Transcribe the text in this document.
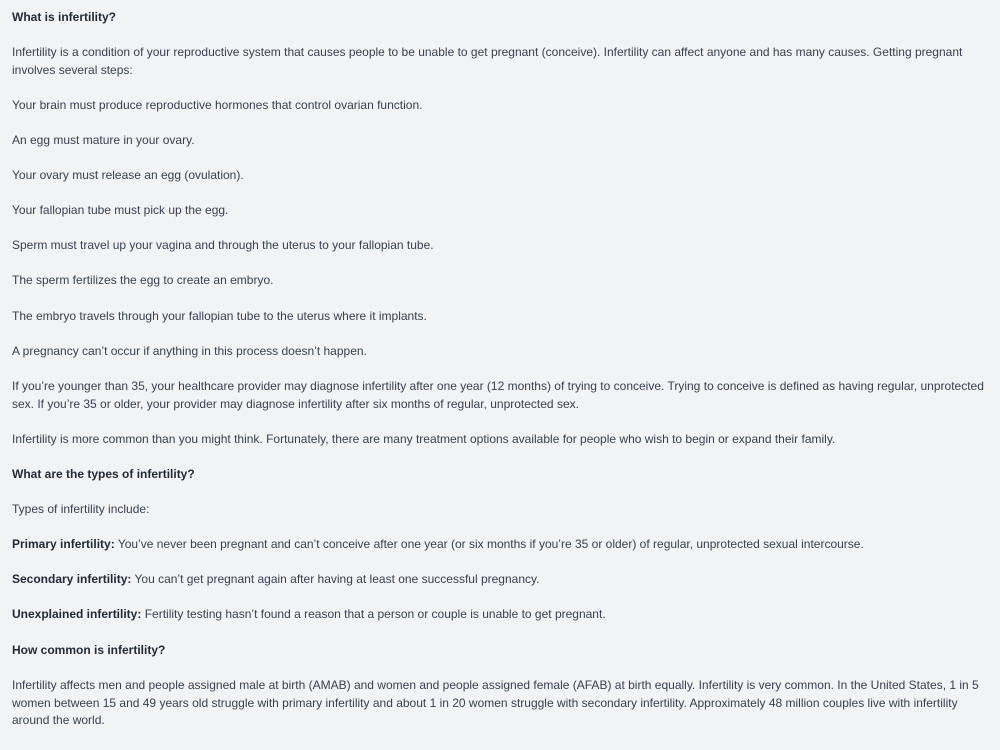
What is infertility?

Infertility is a condition of your reproductive system that causes people to be unable to get pregnant (conceive). Infertility can affect anyone and has many causes. Getting pregnant involves several steps:

Your brain must produce reproductive hormones that control ovarian function.

An egg must mature in your ovary.

Your ovary must release an egg (ovulation).

Your fallopian tube must pick up the egg.

Sperm must travel up your vagina and through the uterus to your fallopian tube.

The sperm fertilizes the egg to create an embryo.

The embryo travels through your fallopian tube to the uterus where it implants.

A pregnancy can’t occur if anything in this process doesn’t happen.

If you’re younger than 35, your healthcare provider may diagnose infertility after one year (12 months) of trying to conceive. Trying to conceive is defined as having regular, unprotected sex. If you’re 35 or older, your provider may diagnose infertility after six months of regular, unprotected sex.

Infertility is more common than you might think. Fortunately, there are many treatment options available for people who wish to begin or expand their family.

What are the types of infertility?

Types of infertility include:

Primary infertility: You’ve never been pregnant and can’t conceive after one year (or six months if you’re 35 or older) of regular, unprotected sexual intercourse.

Secondary infertility: You can’t get pregnant again after having at least one successful pregnancy.

Unexplained infertility: Fertility testing hasn’t found a reason that a person or couple is unable to get pregnant.

How common is infertility?

Infertility affects men and people assigned male at birth (AMAB) and women and people assigned female (AFAB) at birth equally. Infertility is very common. In the United States, 1 in 5 women between 15 and 49 years old struggle with primary infertility and about 1 in 20 women struggle with secondary infertility. Approximately 48 million couples live with infertility around the world.
